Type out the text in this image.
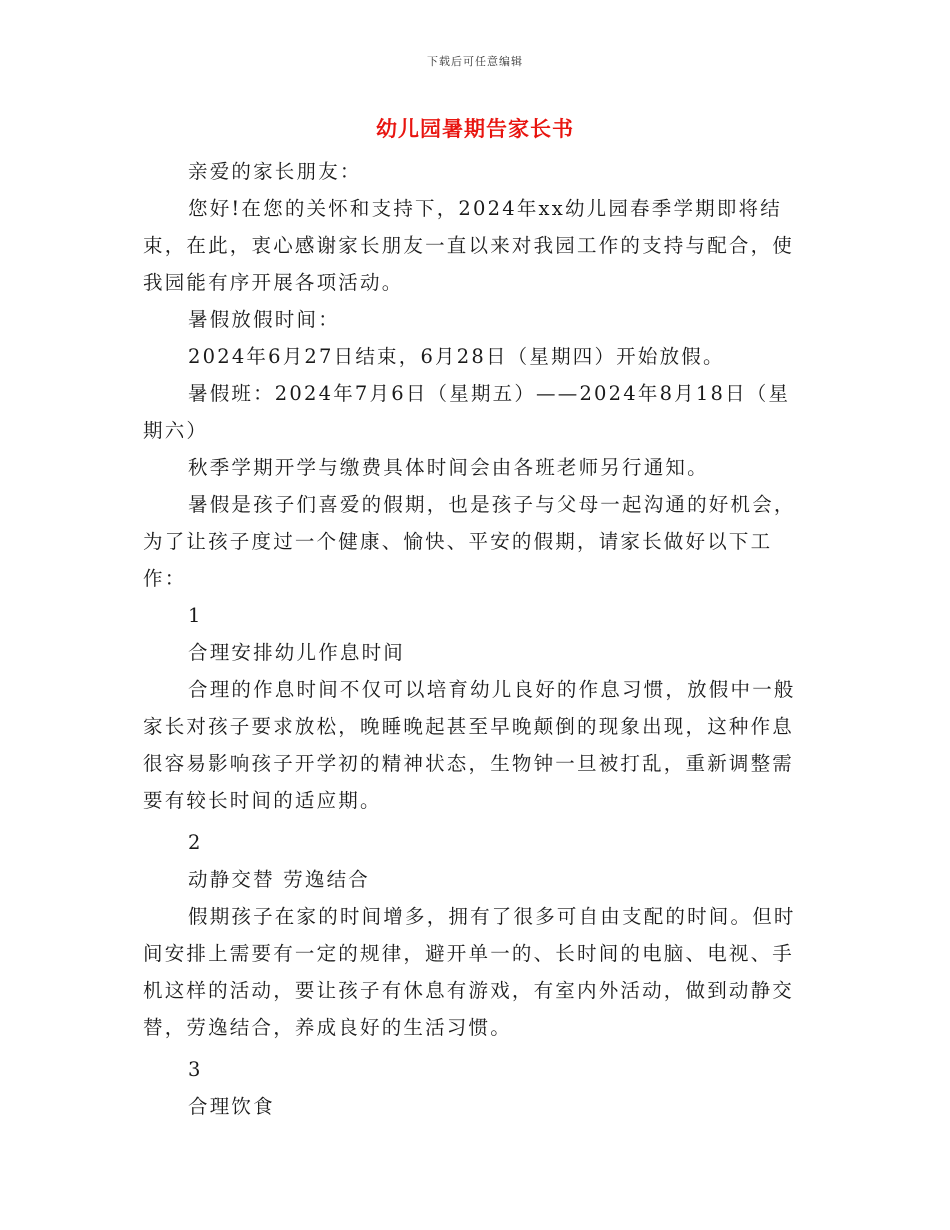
下载后可任意编辑
幼儿园暑期告家长书

亲爱的家长朋友：

您好!在您的关怀和支持下，2024年xx幼儿园春季学期即将结束，在此，衷心感谢家长朋友一直以来对我园工作的支持与配合，使我园能有序开展各项活动。

暑假放假时间：

2024年6月27日结束，6月28日（星期四）开始放假。

暑假班：2024年7月6日（星期五）——2024年8月18日（星期六）

秋季学期开学与缴费具体时间会由各班老师另行通知。

暑假是孩子们喜爱的假期，也是孩子与父母一起沟通的好机会，为了让孩子度过一个健康、愉快、平安的假期，请家长做好以下工作：

1

合理安排幼儿作息时间

合理的作息时间不仅可以培育幼儿良好的作息习惯，放假中一般家长对孩子要求放松，晚睡晚起甚至早晚颠倒的现象出现，这种作息很容易影响孩子开学初的精神状态，生物钟一旦被打乱，重新调整需要有较长时间的适应期。

2

动静交替 劳逸结合

假期孩子在家的时间增多，拥有了很多可自由支配的时间。但时间安排上需要有一定的规律，避开单一的、长时间的电脑、电视、手机这样的活动，要让孩子有休息有游戏，有室内外活动，做到动静交替，劳逸结合，养成良好的生活习惯。

3

合理饮食
